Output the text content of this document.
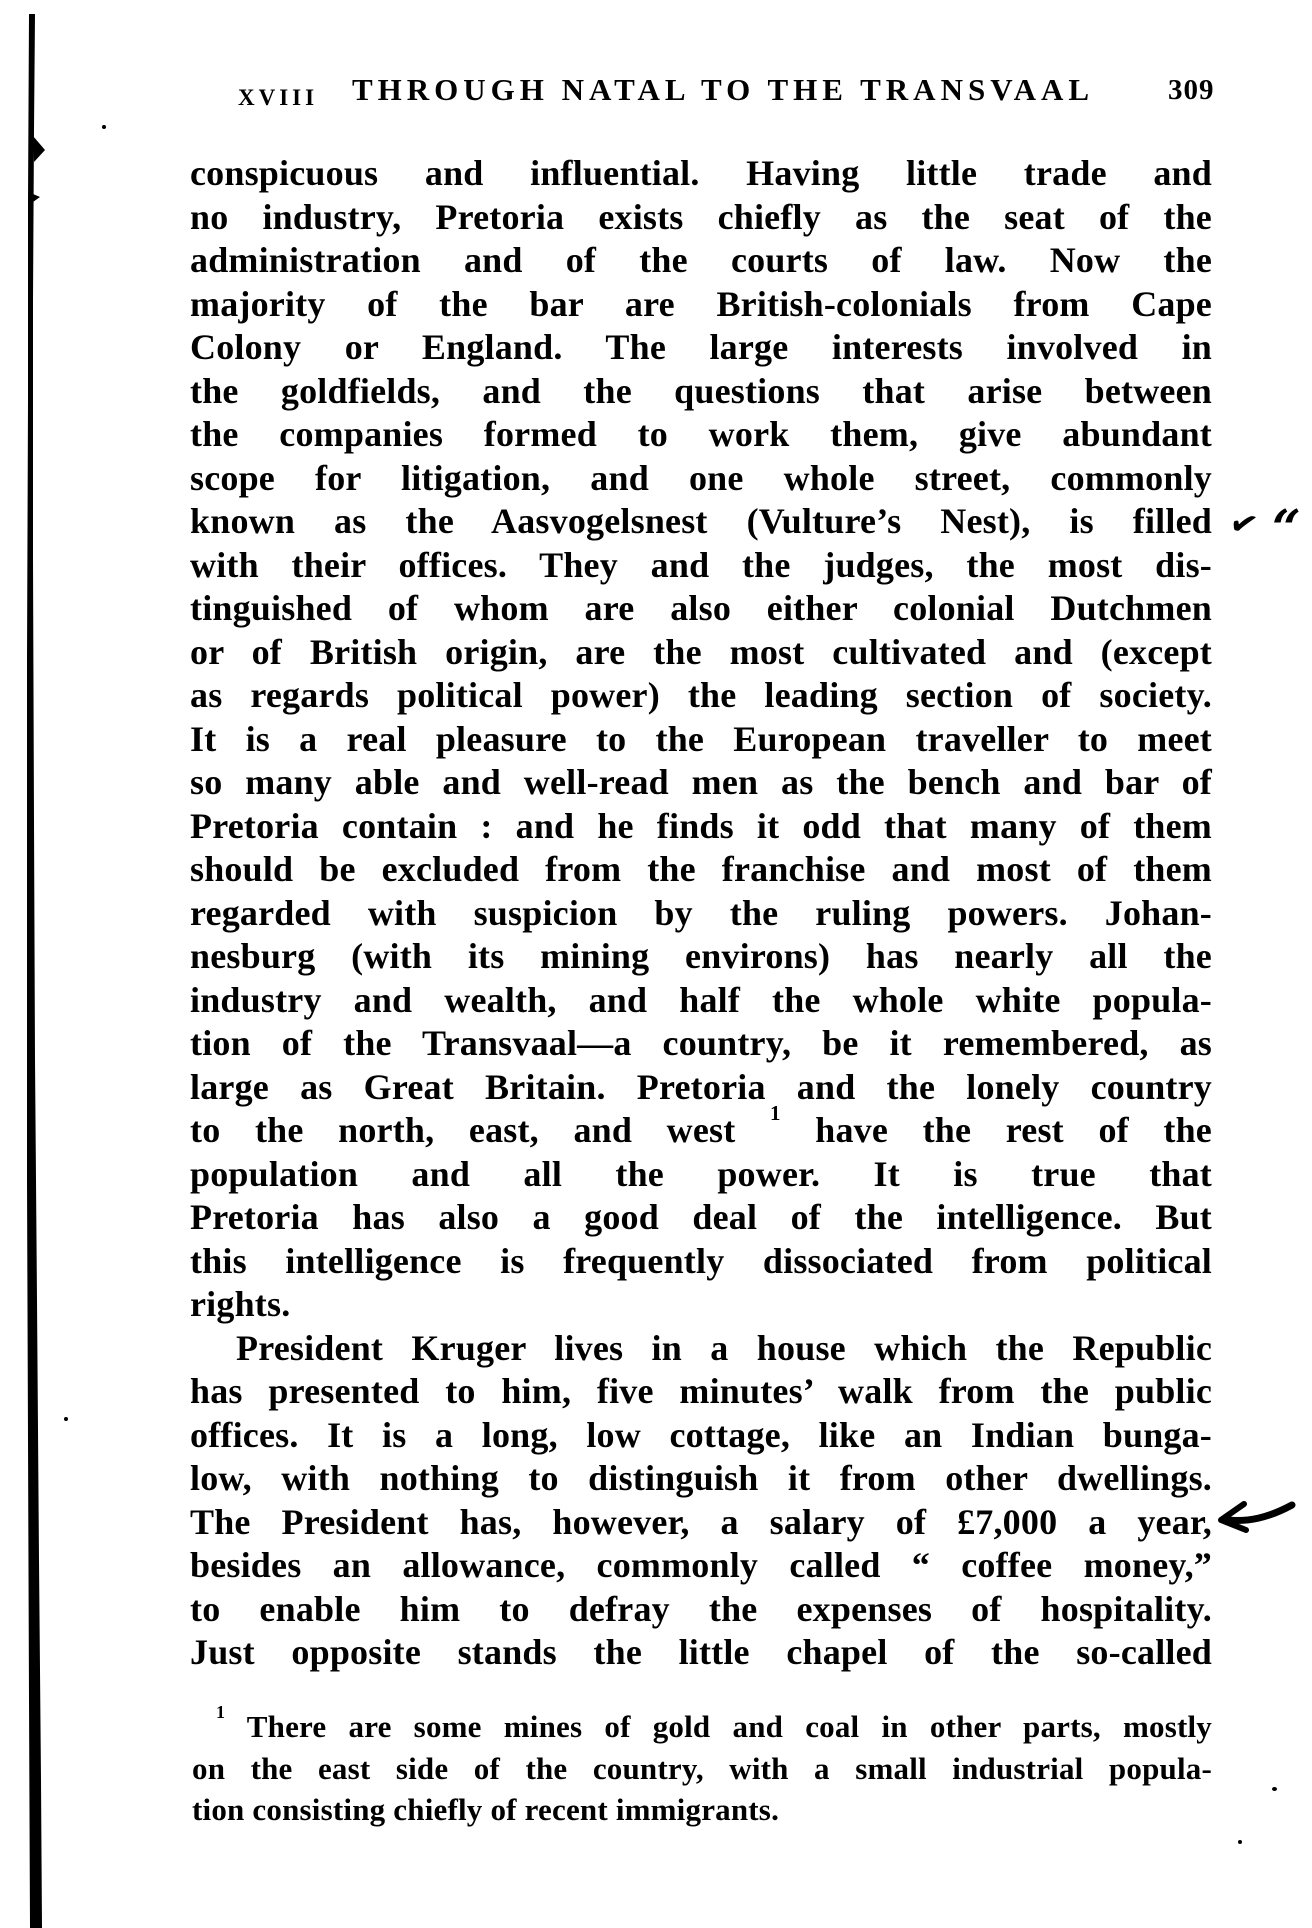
XVIII THROUGH NATAL TO THE TRANSVAAL	309
conspicuous and influential. Having little trade and
no industry, Pretoria exists chiefly as the seat of the
administration and of the courts of law. Now the
majority of the bar are British-colonials from Cape
Colony or England. The large interests involved in
the goldfields, and the questions that arise between
the companies formed to work them, give abundant
scope for litigation, and one whole street, commonly
known as the Aasvogelsnest (Vulture’s Nest), is filled
with their offices. They and the judges, the most dis-
tinguished of whom are also either colonial Dutchmen
or of British origin, are the most cultivated and (except
as regards political power) the leading section of society.
It is a real pleasure to the European traveller to meet
so many able and well-read men as the bench and bar of
Pretoria contain : and he finds it odd that many of them
should be excluded from the franchise and most of them
regarded with suspicion by the ruling powers. Johan-
nesburg (with its mining environs) has nearly all the
industry and wealth, and half the whole white popula-
tion of the Transvaal—a country, be it remembered, as
large as Great Britain. Pretoria and the lonely country
to the north, east, and west $^1$ have the rest of the
population and all the power. It is true that
Pretoria has also a good deal of the intelligence. But
this intelligence is frequently dissociated from political
rights.
President Kruger lives in a house which the Republic
has presented to him, five minutes’ walk from the public
offices. It is a long, low cottage, like an Indian bunga-
low, with nothing to distinguish it from other dwellings.
The President has, however, a salary of £7,000 a year,
besides an allowance, commonly called “ coffee money,”
to enable him to defray the expenses of hospitality.
Just opposite stands the little chapel of the so-called
$^1$ There are some mines of gold and coal in other parts, mostly
on the east side of the country, with a small industrial popula-
tion consisting chiefly of recent immigrants.
✔ “
